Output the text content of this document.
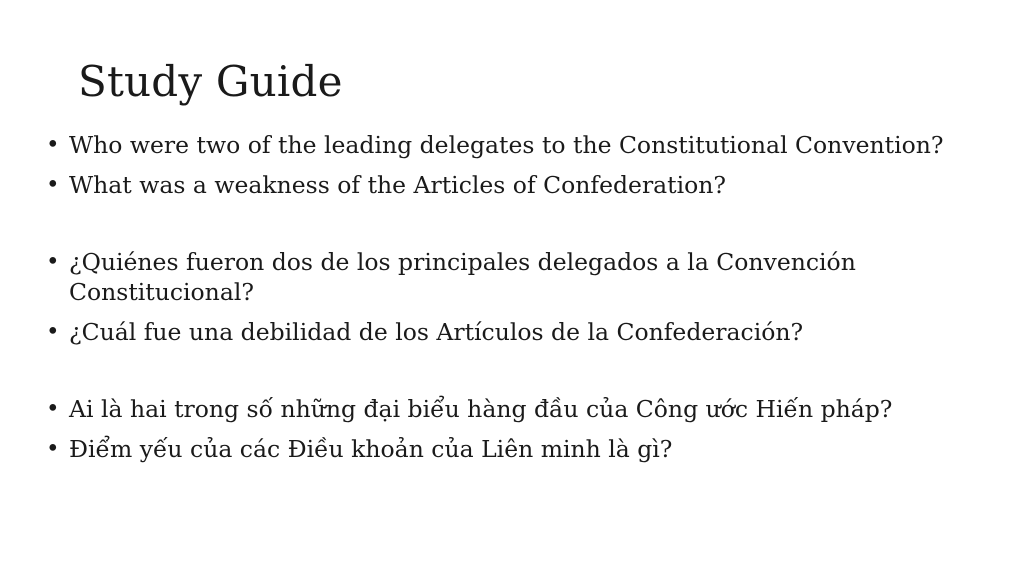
Study Guide
• Who were two of the leading delegates to the Constitutional Convention?
• What was a weakness of the Articles of Confederation?
• ¿Quiénes fueron dos de los principales delegados a la Convención Constitucional?
• ¿Cuál fue una debilidad de los Artículos de la Confederación?
• Ai là hai trong số những đại biểu hàng đầu của Công ước Hiến pháp?
• Điểm yếu của các Điều khoản của Liên minh là gì?
